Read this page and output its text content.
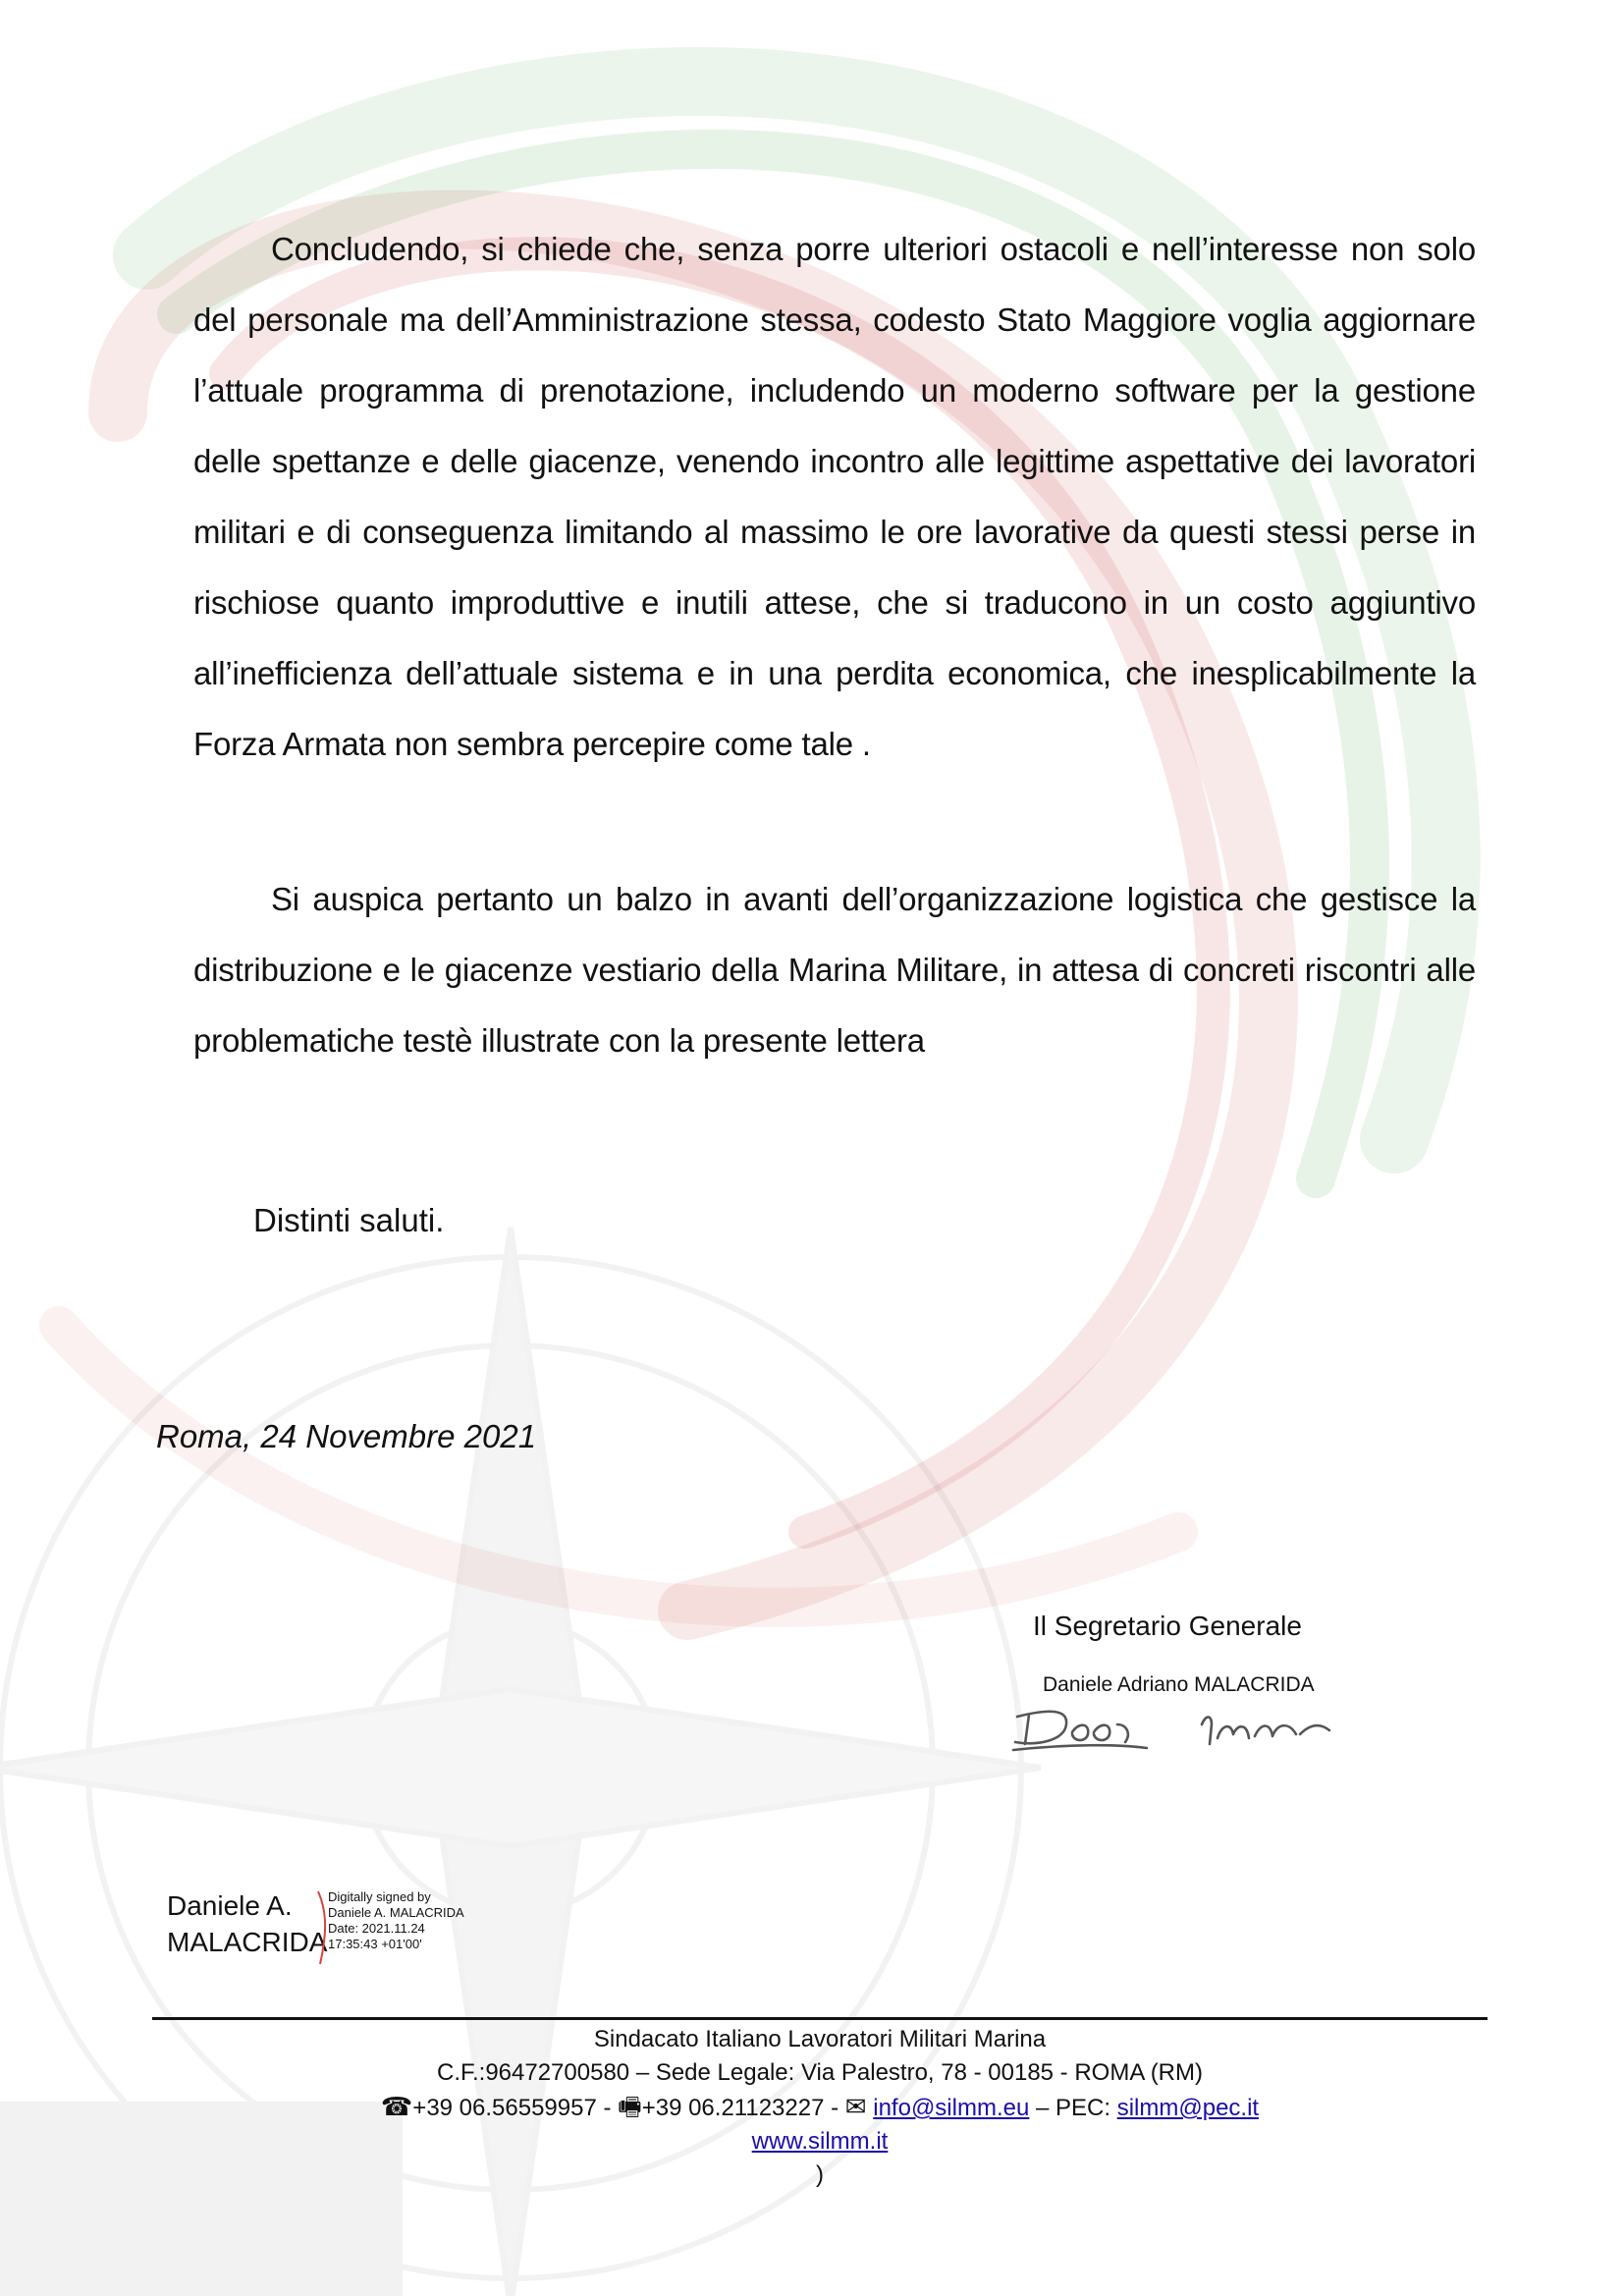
Concludendo, si chiede che, senza porre ulteriori ostacoli e nell’interesse non solo del personale ma dell’Amministrazione stessa, codesto Stato Maggiore voglia aggiornare l’attuale programma di prenotazione, includendo un moderno software per la gestione delle spettanze e delle giacenze, venendo incontro alle legittime aspettative dei lavoratori militari e di conseguenza limitando al massimo le ore lavorative da questi stessi perse in rischiose quanto improduttive e inutili attese, che si traducono in un costo aggiuntivo all’inefficienza dell’attuale sistema e in una perdita economica, che inesplicabilmente la Forza Armata non sembra percepire come tale .

Si auspica pertanto un balzo in avanti dell’organizzazione logistica che gestisce la distribuzione e le giacenze vestiario della Marina Militare, in attesa di concreti riscontri alle problematiche testè illustrate con la presente lettera

Distinti saluti.
Roma, 24 Novembre 2021
Il Segretario Generale
Daniele Adriano MALACRIDA
Daniele A.
MALACRIDA
Digitally signed by
Daniele A. MALACRIDA
Date: 2021.11.24
17:35:43 +01'00'
Sindacato Italiano Lavoratori Militari Marina
C.F.:96472700580 – Sede Legale: Via Palestro, 78 - 00185 - ROMA (RM)
☎+39 06.56559957 - 🖷+39 06.21123227 - ✉ info@silmm.eu – PEC: silmm@pec.it
www.silmm.it
)
